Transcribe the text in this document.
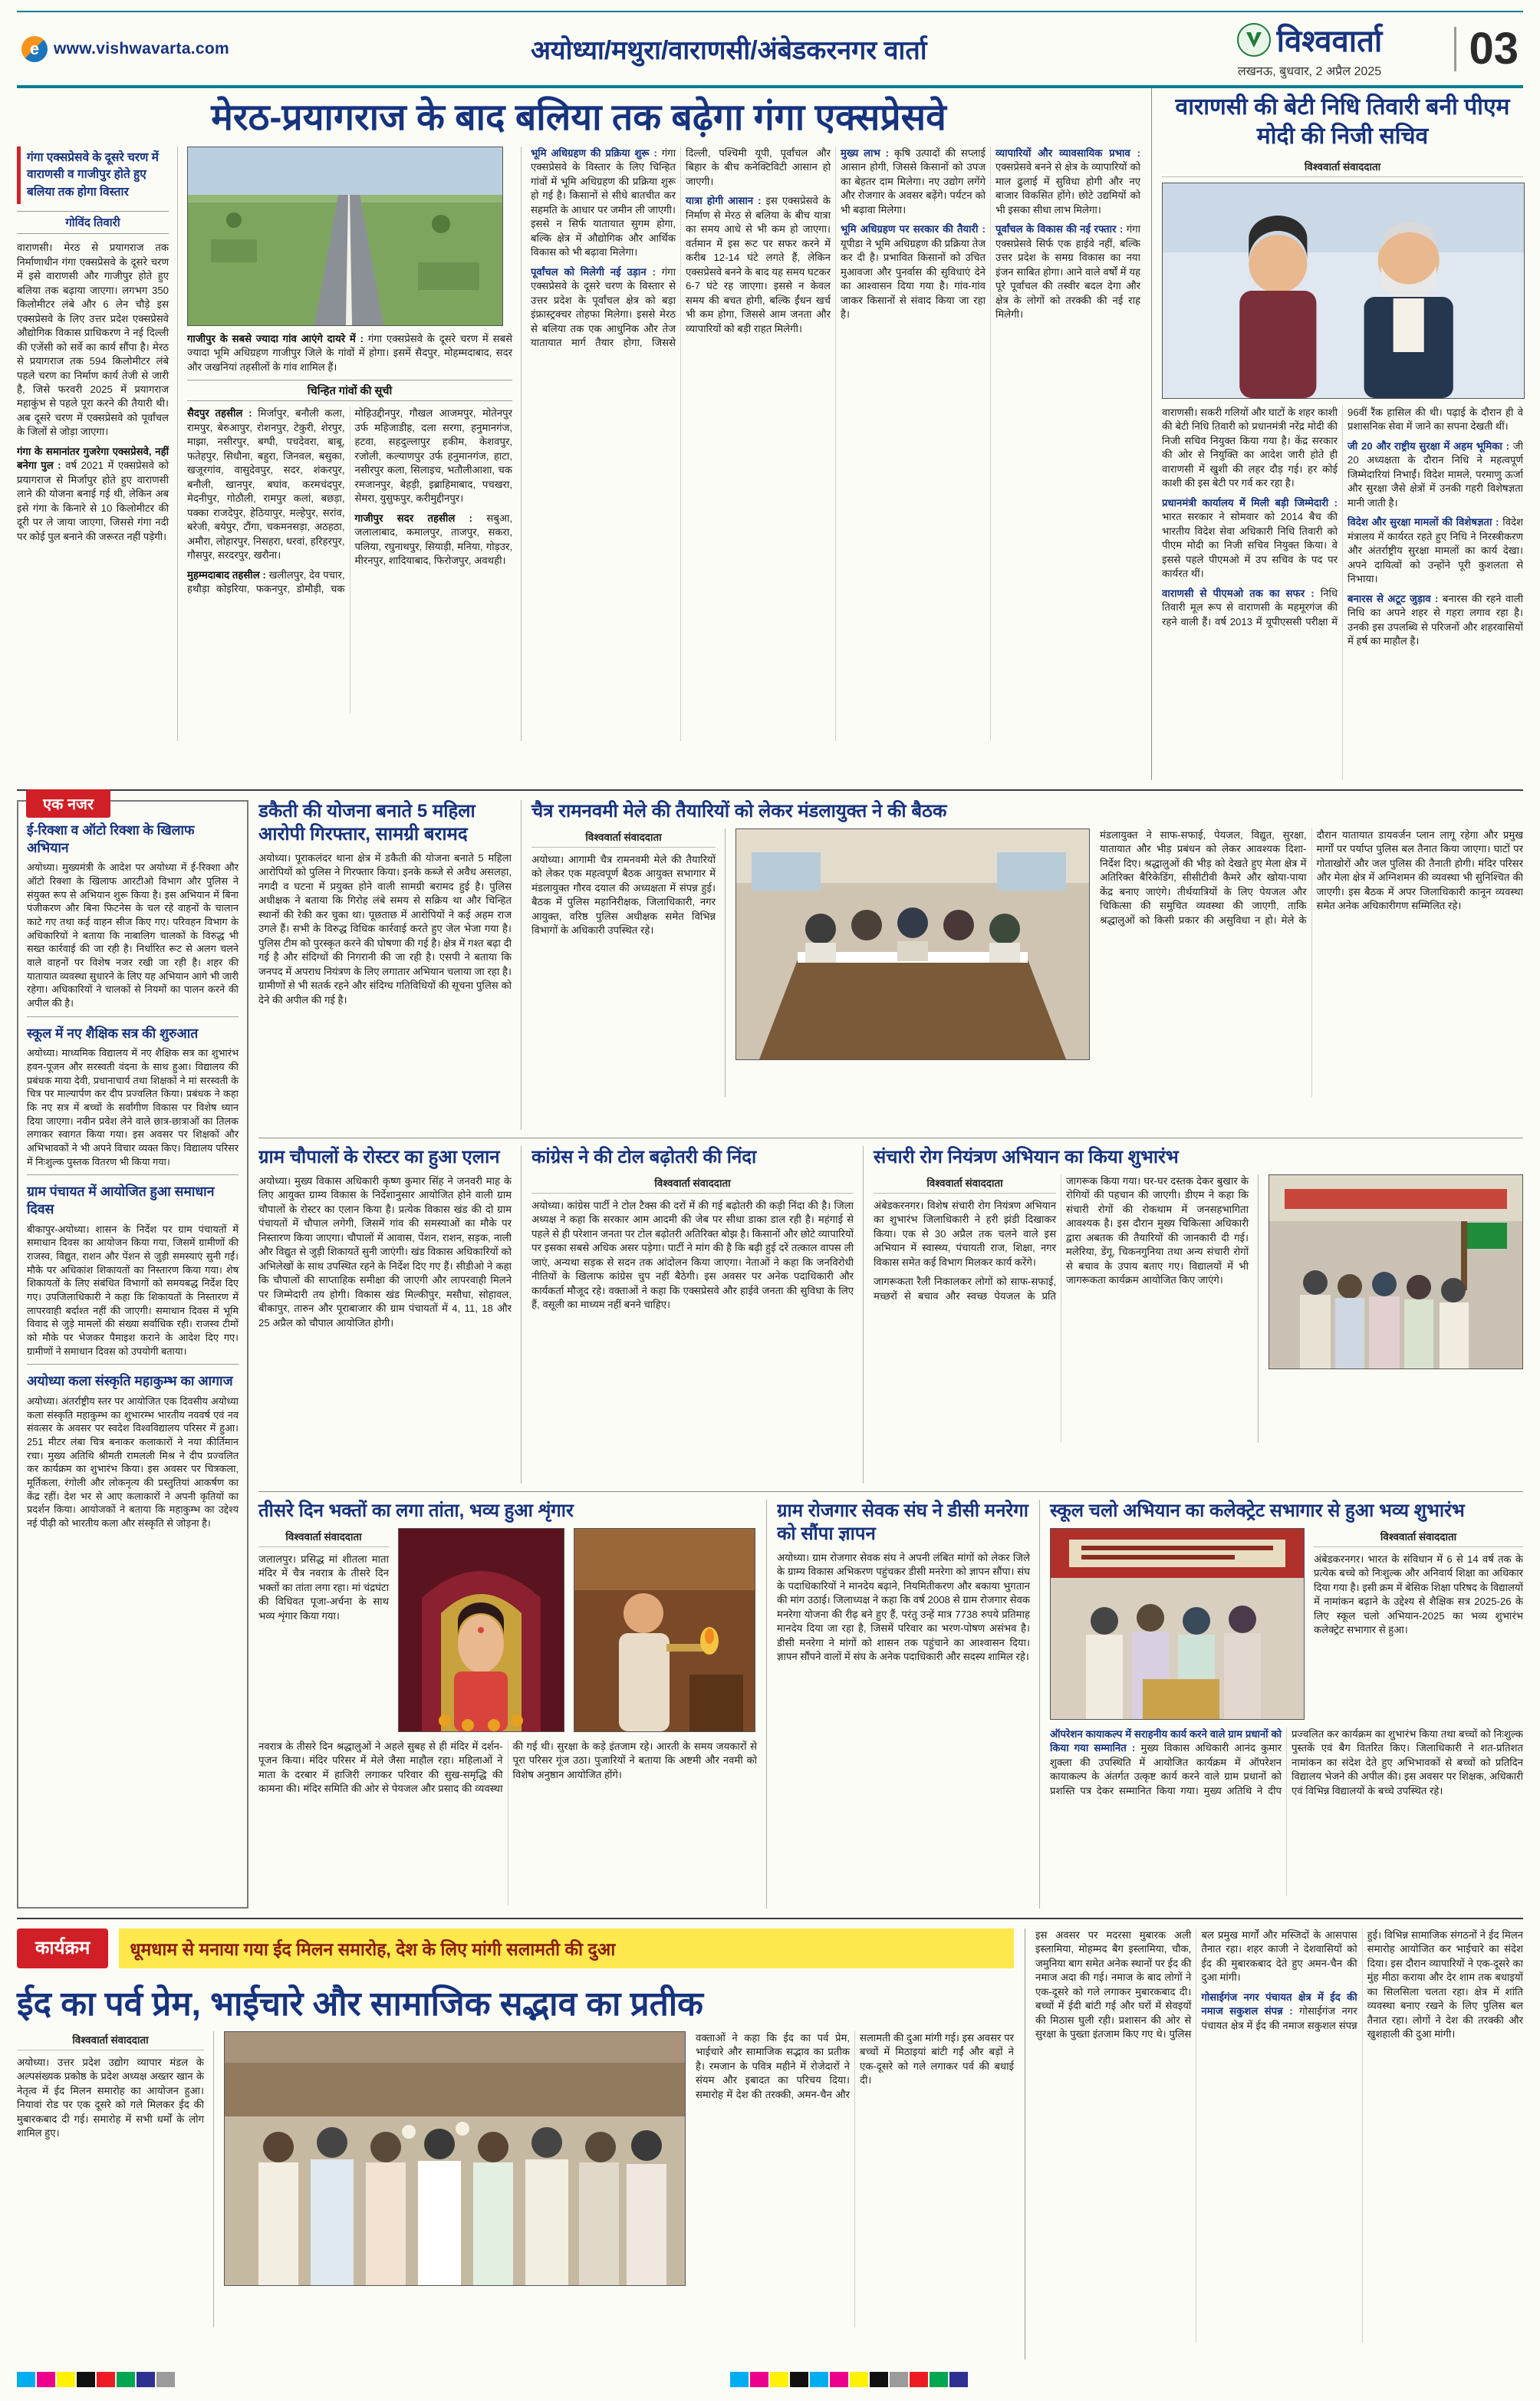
e www.vishwavarta.com	अयोध्या/मथुरा/वाराणसी/अंबेडकरनगर वार्ता	विश्ववार्ता
लखनऊ, बुधवार, 2 अप्रैल 2025 03
मेरठ-प्रयागराज के बाद बलिया तक बढ़ेगा गंगा एक्सप्रेसवे
गंगा एक्सप्रेसवे के दूसरे चरण में वाराणसी व गाजीपुर होते हुए बलिया तक होगा विस्तार
गोविंद तिवारी

वाराणसी। मेरठ से प्रयागराज तक निर्माणाधीन गंगा एक्सप्रेसवे के दूसरे चरण में इसे वाराणसी और गाजीपुर होते हुए बलिया तक बढ़ाया जाएगा। लगभग 350 किलोमीटर लंबे और 6 लेन चौड़े इस एक्सप्रेसवे के लिए उत्तर प्रदेश एक्सप्रेसवे औद्योगिक विकास प्राधिकरण ने नई दिल्ली की एजेंसी को सर्वे का कार्य सौंपा है। मेरठ से प्रयागराज तक 594 किलोमीटर लंबे पहले चरण का निर्माण कार्य तेजी से जारी है, जिसे फरवरी 2025 में प्रयागराज महाकुंभ से पहले पूरा करने की तैयारी थी। अब दूसरे चरण में एक्सप्रेसवे को पूर्वांचल के जिलों से जोड़ा जाएगा।

गंगा के समानांतर गुजरेगा एक्सप्रेसवे, नहीं बनेगा पुल : वर्ष 2021 में एक्सप्रेसवे को प्रयागराज से मिर्जापुर होते हुए वाराणसी लाने की योजना बनाई गई थी, लेकिन अब इसे गंगा के किनारे से 10 किलोमीटर की दूरी पर ले जाया जाएगा, जिससे गंगा नदी पर कोई पुल बनाने की जरूरत नहीं पड़ेगी।

गाजीपुर के सबसे ज्यादा गांव आएंगे दायरे में : गंगा एक्सप्रेसवे के दूसरे चरण में सबसे ज्यादा भूमि अधिग्रहण गाजीपुर जिले के गांवों में होगा। इसमें सैदपुर, मोहम्मदाबाद, सदर और जखनियां तहसीलों के गांव शामिल हैं।

चिन्हित गांवों की सूची

सैदपुर तहसील : मिर्जापुर, बनौली कला, रामपुर, बेरुआपुर, रोशनपुर, टेकुरी, शेरपुर, माझा, नसीरपुर, बग्घी, पचदेवरा, बाबू, फतेहपुर, सिधौना, बहुरा, जिनवल, बसुका, खजूरगांव, वासुदेवपुर, सदर, शंकरपुर, बनौली, खानपुर, बघांव, करमचंदपुर, मेदनीपुर, गोठौली, रामपुर कलां, बछड़ा, पक्का राजदेपुर, हेठियापुर, मल्हेपुर, सरांव, बरेजी, बयेपुर, टौंगा, चकमनसड़ा, अठहठा, अमौरा, लोहारपुर, निसहरा, धरवां, हरिहरपुर, गौसपुर, सरदरपुर, खरौना।

मुहम्मदाबाद तहसील : खलीलपुर, देव पचार, हथौड़ा कोइरिया, फकनपुर, डोमौड़ी, चक मोहिउद्दीनपुर, गौखल आजमपुर, मोतेनपुर उर्फ महिजाडीह, दला सरगा, हनुमानगंज, हटवा, सहदुल्लापुर हकीम, केशवपुर, रजोली, कल्याणपुर उर्फ हनुमानगंज, हाटा, नसीरपुर कला, सिलाइच, भतौलीआशा, चक रमजानपुर, बेहड़ी, इब्राहिमाबाद, पचखरा, सेमरा, युसुफपुर, करीमुद्दीनपुर।

गाजीपुर सदर तहसील : सबुआ, जलालाबाद, कमालपुर, ताजपुर, सकरा, पलिया, रघुनाथपुर, सियाड़ी, मनिया, गोड़उर, मीरनपुर, शादियाबाद, फिरोजपुर, अवथही।

भूमि अधिग्रहण की प्रक्रिया शुरू : गंगा एक्सप्रेसवे के विस्तार के लिए चिन्हित गांवों में भूमि अधिग्रहण की प्रक्रिया शुरू हो गई है। किसानों से सीधे बातचीत कर सहमति के आधार पर जमीन ली जाएगी। इससे न सिर्फ यातायात सुगम होगा, बल्कि क्षेत्र में औद्योगिक और आर्थिक विकास को भी बढ़ावा मिलेगा।

पूर्वांचल को मिलेगी नई उड़ान : गंगा एक्सप्रेसवे के दूसरे चरण के विस्तार से उत्तर प्रदेश के पूर्वांचल क्षेत्र को बड़ा इंफ्रास्ट्रक्चर तोहफा मिलेगा। इससे मेरठ से बलिया तक एक आधुनिक और तेज यातायात मार्ग तैयार होगा, जिससे दिल्ली, पश्चिमी यूपी, पूर्वांचल और बिहार के बीच कनेक्टिविटी आसान हो जाएगी।

यात्रा होगी आसान : इस एक्सप्रेसवे के निर्माण से मेरठ से बलिया के बीच यात्रा का समय आधे से भी कम हो जाएगा। वर्तमान में इस रूट पर सफर करने में करीब 12-14 घंटे लगते हैं, लेकिन एक्सप्रेसवे बनने के बाद यह समय घटकर 6-7 घंटे रह जाएगा। इससे न केवल समय की बचत होगी, बल्कि ईंधन खर्च भी कम होगा, जिससे आम जनता और व्यापारियों को बड़ी राहत मिलेगी।

मुख्य लाभ : कृषि उत्पादों की सप्लाई आसान होगी, जिससे किसानों को उपज का बेहतर दाम मिलेगा। नए उद्योग लगेंगे और रोजगार के अवसर बढ़ेंगे। पर्यटन को भी बढ़ावा मिलेगा।

भूमि अधिग्रहण पर सरकार की तैयारी : यूपीडा ने भूमि अधिग्रहण की प्रक्रिया तेज कर दी है। प्रभावित किसानों को उचित मुआवजा और पुनर्वास की सुविधाएं देने का आश्वासन दिया गया है। गांव-गांव जाकर किसानों से संवाद किया जा रहा है।

व्यापारियों और व्यावसायिक प्रभाव : एक्सप्रेसवे बनने से क्षेत्र के व्यापारियों को माल ढुलाई में सुविधा होगी और नए बाजार विकसित होंगे। छोटे उद्यमियों को भी इसका सीधा लाभ मिलेगा।

पूर्वांचल के विकास की नई रफ्तार : गंगा एक्सप्रेसवे सिर्फ एक हाईवे नहीं, बल्कि उत्तर प्रदेश के समग्र विकास का नया इंजन साबित होगा। आने वाले वर्षों में यह पूरे पूर्वांचल की तस्वीर बदल देगा और क्षेत्र के लोगों को तरक्की की नई राह मिलेगी।

वाराणसी की बेटी निधि तिवारी बनी पीएम मोदी की निजी सचिव
विश्ववार्ता संवाददाता

वाराणसी। सकरी गलियों और घाटों के शहर काशी की बेटी निधि तिवारी को प्रधानमंत्री नरेंद्र मोदी की निजी सचिव नियुक्त किया गया है। केंद्र सरकार की ओर से नियुक्ति का आदेश जारी होते ही वाराणसी में खुशी की लहर दौड़ गई। हर कोई काशी की इस बेटी पर गर्व कर रहा है।

प्रधानमंत्री कार्यालय में मिली बड़ी जिम्मेदारी : भारत सरकार ने सोमवार को 2014 बैच की भारतीय विदेश सेवा अधिकारी निधि तिवारी को पीएम मोदी का निजी सचिव नियुक्त किया। वे इससे पहले पीएमओ में उप सचिव के पद पर कार्यरत थीं।

वाराणसी से पीएमओ तक का सफर : निधि तिवारी मूल रूप से वाराणसी के महमूरगंज की रहने वाली हैं। वर्ष 2013 में यूपीएससी परीक्षा में 96वीं रैंक हासिल की थी। पढ़ाई के दौरान ही वे प्रशासनिक सेवा में जाने का सपना देखती थीं।

जी 20 और राष्ट्रीय सुरक्षा में अहम भूमिका : जी 20 अध्यक्षता के दौरान निधि ने महत्वपूर्ण जिम्मेदारियां निभाईं। विदेश मामले, परमाणु ऊर्जा और सुरक्षा जैसे क्षेत्रों में उनकी गहरी विशेषज्ञता मानी जाती है।

विदेश और सुरक्षा मामलों की विशेषज्ञता : विदेश मंत्रालय में कार्यरत रहते हुए निधि ने निरस्त्रीकरण और अंतर्राष्ट्रीय सुरक्षा मामलों का कार्य देखा। अपने दायित्वों को उन्होंने पूरी कुशलता से निभाया।

बनारस से अटूट जुड़ाव : बनारस की रहने वाली निधि का अपने शहर से गहरा लगाव रहा है। उनकी इस उपलब्धि से परिजनों और शहरवासियों में हर्ष का माहौल है।

एक नजर
ई-रिक्शा व ऑटो रिक्शा के खिलाफ अभियान

अयोध्या। मुख्यमंत्री के आदेश पर अयोध्या में ई-रिक्शा और ऑटो रिक्शा के खिलाफ आरटीओ विभाग और पुलिस ने संयुक्त रूप से अभियान शुरू किया है। इस अभियान में बिना पंजीकरण और बिना फिटनेस के चल रहे वाहनों के चालान काटे गए तथा कई वाहन सीज किए गए। परिवहन विभाग के अधिकारियों ने बताया कि नाबालिग चालकों के विरुद्ध भी सख्त कार्रवाई की जा रही है। निर्धारित रूट से अलग चलने वाले वाहनों पर विशेष नजर रखी जा रही है। शहर की यातायात व्यवस्था सुधारने के लिए यह अभियान आगे भी जारी रहेगा। अधिकारियों ने चालकों से नियमों का पालन करने की अपील की है।

स्कूल में नए शैक्षिक सत्र की शुरुआत

अयोध्या। माध्यमिक विद्यालय में नए शैक्षिक सत्र का शुभारंभ हवन-पूजन और सरस्वती वंदना के साथ हुआ। विद्यालय की प्रबंधक माया देवी, प्रधानाचार्य तथा शिक्षकों ने मां सरस्वती के चित्र पर माल्यार्पण कर दीप प्रज्वलित किया। प्रबंधक ने कहा कि नए सत्र में बच्चों के सर्वांगीण विकास पर विशेष ध्यान दिया जाएगा। नवीन प्रवेश लेने वाले छात्र-छात्राओं का तिलक लगाकर स्वागत किया गया। इस अवसर पर शिक्षकों और अभिभावकों ने भी अपने विचार व्यक्त किए। विद्यालय परिसर में निःशुल्क पुस्तक वितरण भी किया गया।

ग्राम पंचायत में आयोजित हुआ समाधान दिवस

बीकापुर-अयोध्या। शासन के निर्देश पर ग्राम पंचायतों में समाधान दिवस का आयोजन किया गया, जिसमें ग्रामीणों की राजस्व, विद्युत, राशन और पेंशन से जुड़ी समस्याएं सुनी गईं। मौके पर अधिकांश शिकायतों का निस्तारण किया गया। शेष शिकायतों के लिए संबंधित विभागों को समयबद्ध निर्देश दिए गए। उपजिलाधिकारी ने कहा कि शिकायतों के निस्तारण में लापरवाही बर्दाश्त नहीं की जाएगी। समाधान दिवस में भूमि विवाद से जुड़े मामलों की संख्या सर्वाधिक रही। राजस्व टीमों को मौके पर भेजकर पैमाइश कराने के आदेश दिए गए। ग्रामीणों ने समाधान दिवस को उपयोगी बताया।

अयोध्या कला संस्कृति महाकुम्भ का आगाज

अयोध्या। अंतर्राष्ट्रीय स्तर पर आयोजित एक दिवसीय अयोध्या कला संस्कृति महाकुम्भ का शुभारम्भ भारतीय नववर्ष एवं नव संवत्सर के अवसर पर स्वदेश विश्वविद्यालय परिसर में हुआ। 251 मीटर लंबा चित्र बनाकर कलाकारों ने नया कीर्तिमान रचा। मुख्य अतिथि श्रीमती रामलली मिश्र ने दीप प्रज्वलित कर कार्यक्रम का शुभारंभ किया। इस अवसर पर चित्रकला, मूर्तिकला, रंगोली और लोकनृत्य की प्रस्तुतियां आकर्षण का केंद्र रहीं। देश भर से आए कलाकारों ने अपनी कृतियों का प्रदर्शन किया। आयोजकों ने बताया कि महाकुम्भ का उद्देश्य नई पीढ़ी को भारतीय कला और संस्कृति से जोड़ना है।

डकैती की योजना बनाते 5 महिला आरोपी गिरफ्तार, सामग्री बरामद

अयोध्या। पूराकलंदर थाना क्षेत्र में डकैती की योजना बनाते 5 महिला आरोपियों को पुलिस ने गिरफ्तार किया। इनके कब्जे से अवैध असलहा, नगदी व घटना में प्रयुक्त होने वाली सामग्री बरामद हुई है। पुलिस अधीक्षक ने बताया कि गिरोह लंबे समय से सक्रिय था और चिन्हित स्थानों की रेकी कर चुका था। पूछताछ में आरोपियों ने कई अहम राज उगले हैं। सभी के विरुद्ध विधिक कार्रवाई करते हुए जेल भेजा गया है। पुलिस टीम को पुरस्कृत करने की घोषणा की गई है। क्षेत्र में गश्त बढ़ा दी गई है और संदिग्धों की निगरानी की जा रही है। एसपी ने बताया कि जनपद में अपराध नियंत्रण के लिए लगातार अभियान चलाया जा रहा है। ग्रामीणों से भी सतर्क रहने और संदिग्ध गतिविधियों की सूचना पुलिस को देने की अपील की गई है।

चैत्र रामनवमी मेले की तैयारियों को लेकर मंडलायुक्त ने की बैठक
विश्ववार्ता संवाददाता

अयोध्या। आगामी चैत्र रामनवमी मेले की तैयारियों को लेकर एक महत्वपूर्ण बैठक आयुक्त सभागार में मंडलायुक्त गौरव दयाल की अध्यक्षता में संपन्न हुई। बैठक में पुलिस महानिरीक्षक, जिलाधिकारी, नगर आयुक्त, वरिष्ठ पुलिस अधीक्षक समेत विभिन्न विभागों के अधिकारी उपस्थित रहे।

मंडलायुक्त ने साफ-सफाई, पेयजल, विद्युत, सुरक्षा, यातायात और भीड़ प्रबंधन को लेकर आवश्यक दिशा-निर्देश दिए। श्रद्धालुओं की भीड़ को देखते हुए मेला क्षेत्र में अतिरिक्त बैरिकेडिंग, सीसीटीवी कैमरे और खोया-पाया केंद्र बनाए जाएंगे। तीर्थयात्रियों के लिए पेयजल और चिकित्सा की समुचित व्यवस्था की जाएगी, ताकि श्रद्धालुओं को किसी प्रकार की असुविधा न हो। मेले के दौरान यातायात डायवर्जन प्लान लागू रहेगा और प्रमुख मार्गों पर पर्याप्त पुलिस बल तैनात किया जाएगा। घाटों पर गोताखोरों और जल पुलिस की तैनाती होगी। मंदिर परिसर और मेला क्षेत्र में अग्निशमन की व्यवस्था भी सुनिश्चित की जाएगी। इस बैठक में अपर जिलाधिकारी कानून व्यवस्था समेत अनेक अधिकारीगण सम्मिलित रहे।

ग्राम चौपालों के रोस्टर का हुआ एलान

अयोध्या। मुख्य विकास अधिकारी कृष्ण कुमार सिंह ने जनवरी माह के लिए आयुक्त ग्राम्य विकास के निर्देशानुसार आयोजित होने वाली ग्राम चौपालों के रोस्टर का एलान किया है। प्रत्येक विकास खंड की दो ग्राम पंचायतों में चौपाल लगेगी, जिसमें गांव की समस्याओं का मौके पर निस्तारण किया जाएगा। चौपालों में आवास, पेंशन, राशन, सड़क, नाली और विद्युत से जुड़ी शिकायतें सुनी जाएंगी। खंड विकास अधिकारियों को अभिलेखों के साथ उपस्थित रहने के निर्देश दिए गए हैं। सीडीओ ने कहा कि चौपालों की साप्ताहिक समीक्षा की जाएगी और लापरवाही मिलने पर जिम्मेदारी तय होगी। विकास खंड मिल्कीपुर, मसौधा, सोहावल, बीकापुर, तारुन और पूराबाजार की ग्राम पंचायतों में 4, 11, 18 और 25 अप्रैल को चौपाल आयोजित होगी।

कांग्रेस ने की टोल बढ़ोतरी की निंदा
विश्ववार्ता संवाददाता

अयोध्या। कांग्रेस पार्टी ने टोल टैक्स की दरों में की गई बढ़ोतरी की कड़ी निंदा की है। जिला अध्यक्ष ने कहा कि सरकार आम आदमी की जेब पर सीधा डाका डाल रही है। महंगाई से पहले से ही परेशान जनता पर टोल बढ़ोतरी अतिरिक्त बोझ है। किसानों और छोटे व्यापारियों पर इसका सबसे अधिक असर पड़ेगा। पार्टी ने मांग की है कि बढ़ी हुई दरें तत्काल वापस ली जाएं, अन्यथा सड़क से सदन तक आंदोलन किया जाएगा। नेताओं ने कहा कि जनविरोधी नीतियों के खिलाफ कांग्रेस चुप नहीं बैठेगी। इस अवसर पर अनेक पदाधिकारी और कार्यकर्ता मौजूद रहे। वक्ताओं ने कहा कि एक्सप्रेसवे और हाईवे जनता की सुविधा के लिए हैं, वसूली का माध्यम नहीं बनने चाहिए।

संचारी रोग नियंत्रण अभियान का किया शुभारंभ
विश्ववार्ता संवाददाता

अंबेडकरनगर। विशेष संचारी रोग नियंत्रण अभियान का शुभारंभ जिलाधिकारी ने हरी झंडी दिखाकर किया। एक से 30 अप्रैल तक चलने वाले इस अभियान में स्वास्थ्य, पंचायती राज, शिक्षा, नगर विकास समेत कई विभाग मिलकर कार्य करेंगे।

जागरूकता रैली निकालकर लोगों को साफ-सफाई, मच्छरों से बचाव और स्वच्छ पेयजल के प्रति जागरूक किया गया। घर-घर दस्तक देकर बुखार के रोगियों की पहचान की जाएगी। डीएम ने कहा कि संचारी रोगों की रोकथाम में जनसहभागिता आवश्यक है। इस दौरान मुख्य चिकित्सा अधिकारी द्वारा अबतक की तैयारियों की जानकारी दी गई। मलेरिया, डेंगू, चिकनगुनिया तथा अन्य संचारी रोगों से बचाव के उपाय बताए गए। विद्यालयों में भी जागरूकता कार्यक्रम आयोजित किए जाएंगे।

तीसरे दिन भक्तों का लगा तांता, भव्य हुआ शृंगार
विश्ववार्ता संवाददाता

जलालपुर। प्रसिद्ध मां शीतला माता मंदिर में चैत्र नवरात्र के तीसरे दिन भक्तों का तांता लगा रहा। मां चंद्रघंटा की विधिवत पूजा-अर्चना के साथ भव्य शृंगार किया गया।

नवरात्र के तीसरे दिन श्रद्धालुओं ने अहले सुबह से ही मंदिर में दर्शन-पूजन किया। मंदिर परिसर में मेले जैसा माहौल रहा। महिलाओं ने माता के दरबार में हाजिरी लगाकर परिवार की सुख-समृद्धि की कामना की। मंदिर समिति की ओर से पेयजल और प्रसाद की व्यवस्था की गई थी। सुरक्षा के कड़े इंतजाम रहे। आरती के समय जयकारों से पूरा परिसर गूंज उठा। पुजारियों ने बताया कि अष्टमी और नवमी को विशेष अनुष्ठान आयोजित होंगे।

ग्राम रोजगार सेवक संघ ने डीसी मनरेगा को सौंपा ज्ञापन

अयोध्या। ग्राम रोजगार सेवक संघ ने अपनी लंबित मांगों को लेकर जिले के ग्राम्य विकास अभिकरण पहुंचकर डीसी मनरेगा को ज्ञापन सौंपा। संघ के पदाधिकारियों ने मानदेय बढ़ाने, नियमितीकरण और बकाया भुगतान की मांग उठाई। जिलाध्यक्ष ने कहा कि वर्ष 2008 से ग्राम रोजगार सेवक मनरेगा योजना की रीढ़ बने हुए हैं, परंतु उन्हें मात्र 7738 रुपये प्रतिमाह मानदेय दिया जा रहा है, जिसमें परिवार का भरण-पोषण असंभव है। डीसी मनरेगा ने मांगों को शासन तक पहुंचाने का आश्वासन दिया। ज्ञापन सौंपने वालों में संघ के अनेक पदाधिकारी और सदस्य शामिल रहे।

स्कूल चलो अभियान का कलेक्ट्रेट सभागार से हुआ भव्य शुभारंभ
विश्ववार्ता संवाददाता

अंबेडकरनगर। भारत के संविधान में 6 से 14 वर्ष तक के प्रत्येक बच्चे को निःशुल्क और अनिवार्य शिक्षा का अधिकार दिया गया है। इसी क्रम में बेसिक शिक्षा परिषद के विद्यालयों में नामांकन बढ़ाने के उद्देश्य से शैक्षिक सत्र 2025-26 के लिए स्कूल चलो अभियान-2025 का भव्य शुभारंभ कलेक्ट्रेट सभागार से हुआ।

ऑपरेशन कायाकल्प में सराहनीय कार्य करने वाले ग्राम प्रधानों को किया गया सम्मानित : मुख्य विकास अधिकारी आनंद कुमार शुक्ला की उपस्थिति में आयोजित कार्यक्रम में ऑपरेशन कायाकल्प के अंतर्गत उत्कृष्ट कार्य करने वाले ग्राम प्रधानों को प्रशस्ति पत्र देकर सम्मानित किया गया। मुख्य अतिथि ने दीप प्रज्वलित कर कार्यक्रम का शुभारंभ किया तथा बच्चों को निःशुल्क पुस्तकें एवं बैग वितरित किए। जिलाधिकारी ने शत-प्रतिशत नामांकन का संदेश देते हुए अभिभावकों से बच्चों को प्रतिदिन विद्यालय भेजने की अपील की। इस अवसर पर शिक्षक, अधिकारी एवं विभिन्न विद्यालयों के बच्चे उपस्थित रहे।

कार्यक्रम	धूमधाम से मनाया गया ईद मिलन समारोह, देश के लिए मांगी सलामती की दुआ
ईद का पर्व प्रेम, भाईचारे और सामाजिक सद्भाव का प्रतीक
विश्ववार्ता संवाददाता

अयोध्या। उत्तर प्रदेश उद्योग व्यापार मंडल के अल्पसंख्यक प्रकोष्ठ के प्रदेश अध्यक्ष अख्तर खान के नेतृत्व में ईद मिलन समारोह का आयोजन हुआ। नियावां रोड पर एक दूसरे को गले मिलकर ईद की मुबारकबाद दी गई। समारोह में सभी धर्मों के लोग शामिल हुए।

वक्ताओं ने कहा कि ईद का पर्व प्रेम, भाईचारे और सामाजिक सद्भाव का प्रतीक है। रमजान के पवित्र महीने में रोजेदारों ने संयम और इबादत का परिचय दिया। समारोह में देश की तरक्की, अमन-चैन और सलामती की दुआ मांगी गई। इस अवसर पर बच्चों में मिठाइयां बांटी गईं और बड़ों ने एक-दूसरे को गले लगाकर पर्व की बधाई दी।

इस अवसर पर मदरसा मुबारक अली इस्लामिया, मोहम्मद बैग इस्लामिया, चौक, जमुनिया बाग समेत अनेक स्थानों पर ईद की नमाज अदा की गई। नमाज के बाद लोगों ने एक-दूसरे को गले लगाकर मुबारकबाद दी। बच्चों में ईदी बांटी गई और घरों में सेवइयों की मिठास घुली रही। प्रशासन की ओर से सुरक्षा के पुख्ता इंतजाम किए गए थे। पुलिस बल प्रमुख मार्गों और मस्जिदों के आसपास तैनात रहा। शहर काजी ने देशवासियों को ईद की मुबारकबाद देते हुए अमन-चैन की दुआ मांगी।

गोसाईगंज नगर पंचायत क्षेत्र में ईद की नमाज सकुशल संपन्न : गोसाईगंज नगर पंचायत क्षेत्र में ईद की नमाज सकुशल संपन्न हुई। विभिन्न सामाजिक संगठनों ने ईद मिलन समारोह आयोजित कर भाईचारे का संदेश दिया। इस दौरान व्यापारियों ने एक-दूसरे का मुंह मीठा कराया और देर शाम तक बधाइयों का सिलसिला चलता रहा। क्षेत्र में शांति व्यवस्था बनाए रखने के लिए पुलिस बल तैनात रहा। लोगों ने देश की तरक्की और खुशहाली की दुआ मांगी।
